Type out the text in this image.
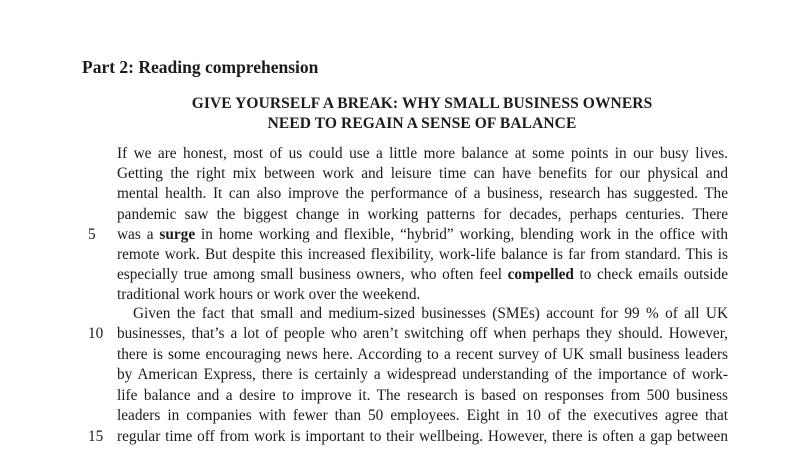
Part 2: Reading comprehension
GIVE YOURSELF A BREAK: WHY SMALL BUSINESS OWNERS
NEED TO REGAIN A SENSE OF BALANCE
If we are honest, most of us could use a little more balance at some points in our busy lives.
Getting the right mix between work and leisure time can have benefits for our physical and
mental health. It can also improve the performance of a business, research has suggested. The
pandemic saw the biggest change in working patterns for decades, perhaps centuries. There
was a surge in home working and flexible, “hybrid” working, blending work in the office with
remote work. But despite this increased flexibility, work-life balance is far from standard. This is
especially true among small business owners, who often feel compelled to check emails outside
traditional work hours or work over the weekend.
Given the fact that small and medium-sized businesses (SMEs) account for 99 % of all UK
businesses, that’s a lot of people who aren’t switching off when perhaps they should. However,
there is some encouraging news here. According to a recent survey of UK small business leaders
by American Express, there is certainly a widespread understanding of the importance of work-
life balance and a desire to improve it. The research is based on responses from 500 business
leaders in companies with fewer than 50 employees. Eight in 10 of the executives agree that
regular time off from work is important to their wellbeing. However, there is often a gap between
5
10
15
